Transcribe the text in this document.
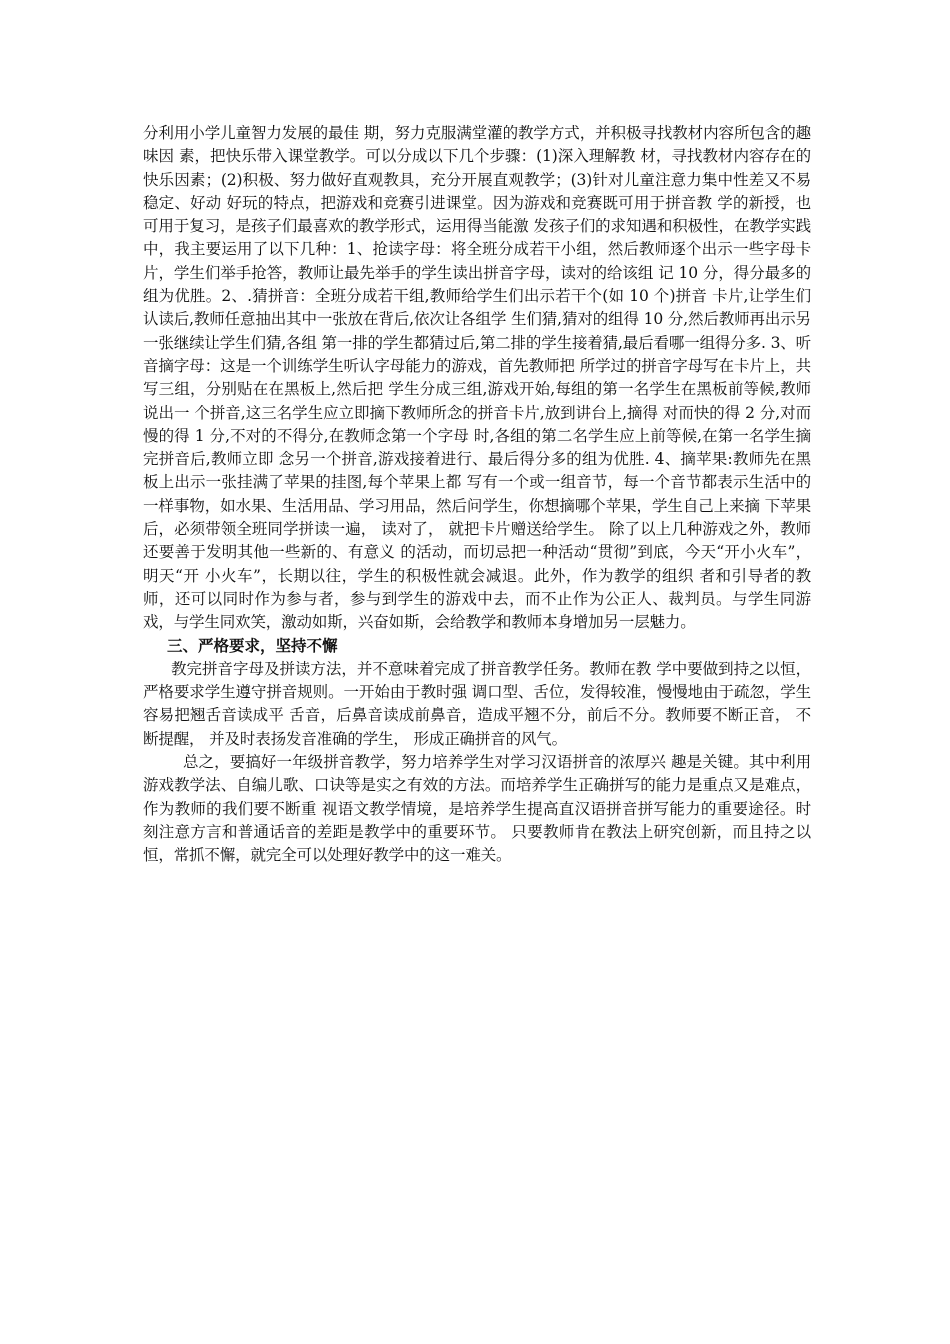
分利用小学儿童智力发展的最佳 期，努力克服满堂灌的教学方式，并积极寻找教材内容所包含的趣味因 素，把快乐带入课堂教学。可以分成以下几个步骤：(1)深入理解教 材，寻找教材内容存在的快乐因素；(2)积极、努力做好直观教具，充分开展直观教学；(3)针对儿童注意力集中性差又不易稳定、好动 好玩的特点，把游戏和竞赛引进课堂。因为游戏和竞赛既可用于拼音教 学的新授，也可用于复习，是孩子们最喜欢的教学形式，运用得当能激 发孩子们的求知遇和积极性，在教学实践中，我主要运用了以下几种：1、抢读字母：将全班分成若干小组，然后教师逐个出示一些字母卡片，学生们举手抢答，教师让最先举手的学生读出拼音字母，读对的给该组 记 10 分，得分最多的组为优胜。2、.猜拼音：全班分成若干组,教师给学生们出示若干个(如 10 个)拼音 卡片,让学生们认读后,教师任意抽出其中一张放在背后,依次让各组学 生们猜,猜对的组得 10 分,然后教师再出示另一张继续让学生们猜,各组 第一排的学生都猜过后,第二排的学生接着猜,最后看哪一组得分多. 3、听音摘字母：这是一个训练学生听认字母能力的游戏，首先教师把 所学过的拼音字母写在卡片上，共写三组，分别贴在在黑板上,然后把 学生分成三组,游戏开始,每组的第一名学生在黑板前等候,教师说出一 个拼音,这三名学生应立即摘下教师所念的拼音卡片,放到讲台上,摘得 对而快的得 2 分,对而慢的得 1 分,不对的不得分,在教师念第一个字母 时,各组的第二名学生应上前等候,在第一名学生摘完拼音后,教师立即 念另一个拼音,游戏接着进行、最后得分多的组为优胜. 4、摘苹果:教师先在黑板上出示一张挂满了苹果的挂图,每个苹果上都 写有一个或一组音节，每一个音节都表示生活中的一样事物，如水果、生活用品、学习用品，然后问学生，你想摘哪个苹果，学生自己上来摘 下苹果后，必须带领全班同学拼读一遍， 读对了， 就把卡片赠送给学生。 除了以上几种游戏之外，教师还要善于发明其他一些新的、有意义 的活动，而切忌把一种活动“贯彻”到底，今天“开小火车”， 明天“开 小火车”，长期以往，学生的积极性就会减退。此外，作为教学的组织 者和引导者的教师，还可以同时作为参与者，参与到学生的游戏中去，而不止作为公正人、裁判员。与学生同游戏，与学生同欢笑，激动如斯，兴奋如斯，会给教学和教师本身增加另一层魅力。

三、严格要求，坚持不懈

教完拼音字母及拼读方法，并不意味着完成了拼音教学任务。教师在教 学中要做到持之以恒，严格要求学生遵守拼音规则。一开始由于教时强 调口型、舌位，发得较准，慢慢地由于疏忽，学生容易把翘舌音读成平 舌音，后鼻音读成前鼻音，造成平翘不分，前后不分。教师要不断正音， 不断提醒， 并及时表扬发音准确的学生， 形成正确拼音的风气。

总之，要搞好一年级拼音教学，努力培养学生对学习汉语拼音的浓厚兴 趣是关键。其中利用游戏教学法、自编儿歌、口诀等是实之有效的方法。而培养学生正确拼写的能力是重点又是难点， 作为教师的我们要不断重 视语文教学情境，是培养学生提高直汉语拼音拼写能力的重要途径。时 刻注意方言和普通话音的差距是教学中的重要环节。 只要教师肯在教法上研究创新，而且持之以恒，常抓不懈，就完全可以处理好教学中的这一难关。
